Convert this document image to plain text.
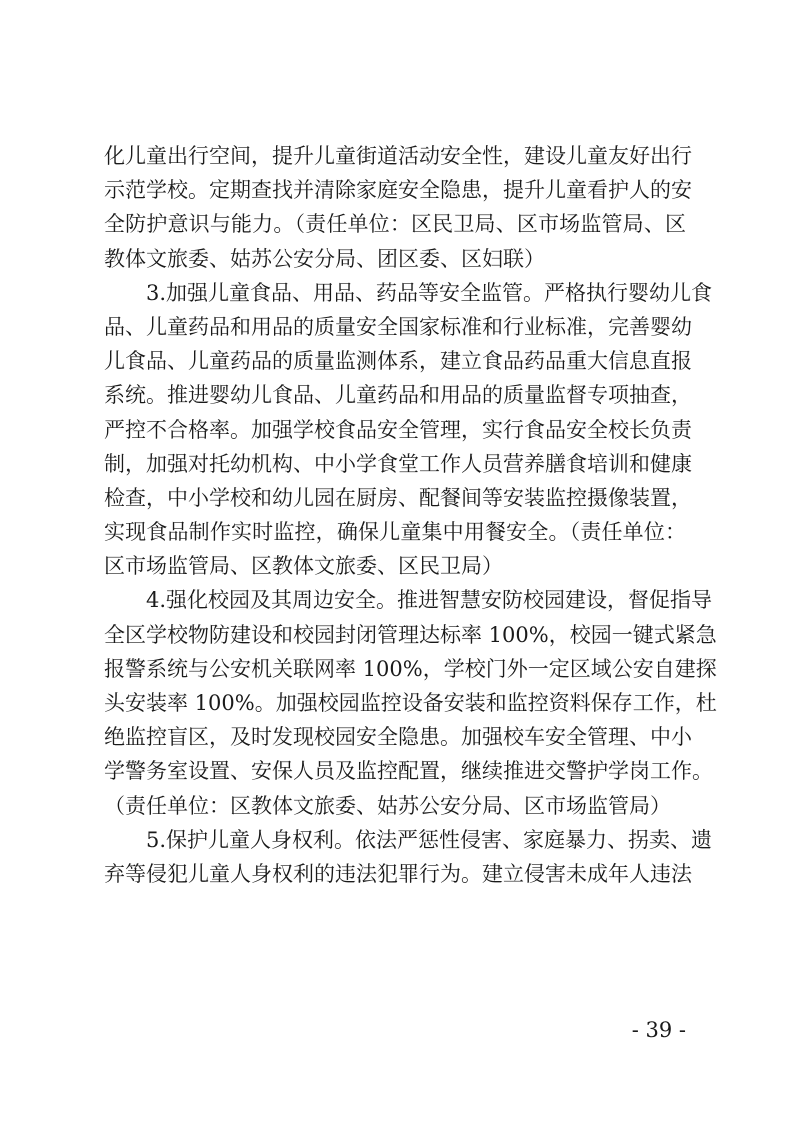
化儿童出行空间，提升儿童街道活动安全性，建设儿童友好出行
示范学校。定期查找并清除家庭安全隐患，提升儿童看护人的安
全防护意识与能力。（责任单位：区民卫局、区市场监管局、区
教体文旅委、姑苏公安分局、团区委、区妇联）
3.加强儿童食品、用品、药品等安全监管。严格执行婴幼儿食
品、儿童药品和用品的质量安全国家标准和行业标准，完善婴幼
儿食品、儿童药品的质量监测体系，建立食品药品重大信息直报
系统。推进婴幼儿食品、儿童药品和用品的质量监督专项抽查，
严控不合格率。加强学校食品安全管理，实行食品安全校长负责
制，加强对托幼机构、中小学食堂工作人员营养膳食培训和健康
检查，中小学校和幼儿园在厨房、配餐间等安装监控摄像装置，
实现食品制作实时监控，确保儿童集中用餐安全。（责任单位：
区市场监管局、区教体文旅委、区民卫局）
4.强化校园及其周边安全。推进智慧安防校园建设，督促指导
全区学校物防建设和校园封闭管理达标率 100%，校园一键式紧急
报警系统与公安机关联网率 100%，学校门外一定区域公安自建探
头安装率 100%。加强校园监控设备安装和监控资料保存工作，杜
绝监控盲区，及时发现校园安全隐患。加强校车安全管理、中小
学警务室设置、安保人员及监控配置，继续推进交警护学岗工作。
（责任单位：区教体文旅委、姑苏公安分局、区市场监管局）
5.保护儿童人身权利。依法严惩性侵害、家庭暴力、拐卖、遗
弃等侵犯儿童人身权利的违法犯罪行为。建立侵害未成年人违法
- 39 -
